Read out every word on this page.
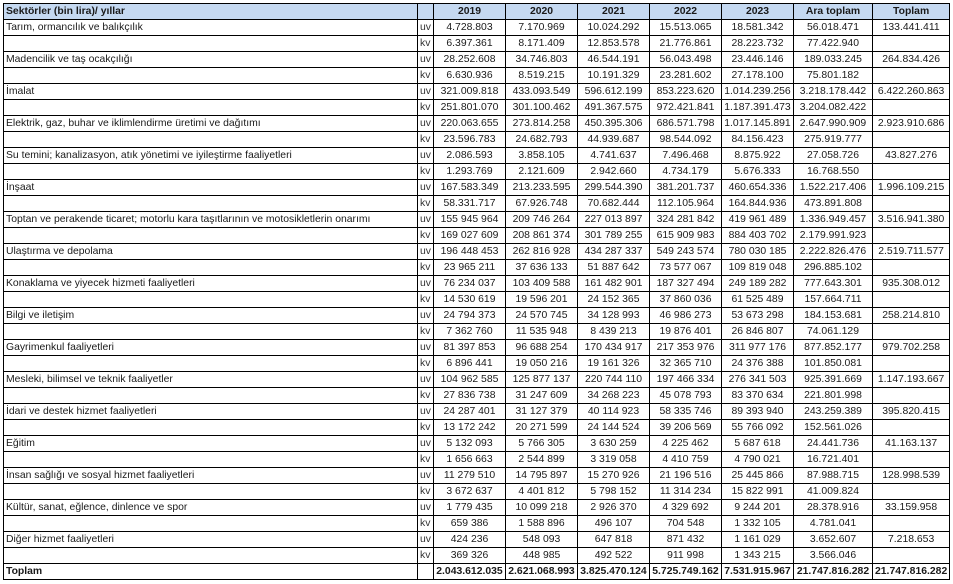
Sektörler (bin lira)/ yıllar		2019	2020	2021	2022	2023	Ara toplam	Toplam
Tarım, ormancılık ve balıkçılık	uv	4.728.803	7.170.969	10.024.292	15.513.065	18.581.342	56.018.471	133.441.411
	kv	6.397.361	8.171.409	12.853.578	21.776.861	28.223.732	77.422.940	
Madencilik ve taş ocakçılığı	uv	28.252.608	34.746.803	46.544.191	56.043.498	23.446.146	189.033.245	264.834.426
	kv	6.630.936	8.519.215	10.191.329	23.281.602	27.178.100	75.801.182	
İmalat	uv	321.009.818	433.093.549	596.612.199	853.223.620	1.014.239.256	3.218.178.442	6.422.260.863
	kv	251.801.070	301.100.462	491.367.575	972.421.841	1.187.391.473	3.204.082.422	
Elektrik, gaz, buhar ve iklimlendirme üretimi ve dağıtımı	uv	220.063.655	273.814.258	450.395.306	686.571.798	1.017.145.891	2.647.990.909	2.923.910.686
	kv	23.596.783	24.682.793	44.939.687	98.544.092	84.156.423	275.919.777	
Su temini; kanalizasyon, atık yönetimi ve iyileştirme faaliyetleri	uv	2.086.593	3.858.105	4.741.637	7.496.468	8.875.922	27.058.726	43.827.276
	kv	1.293.769	2.121.609	2.942.660	4.734.179	5.676.333	16.768.550	
İnşaat	uv	167.583.349	213.233.595	299.544.390	381.201.737	460.654.336	1.522.217.406	1.996.109.215
	kv	58.331.717	67.926.748	70.682.444	112.105.964	164.844.936	473.891.808	
Toptan ve perakende ticaret; motorlu kara taşıtlarının ve motosikletlerin onarımı	uv	155 945 964	209 746 264	227 013 897	324 281 842	419 961 489	1.336.949.457	3.516.941.380
	kv	169 027 609	208 861 374	301 789 255	615 909 983	884 403 702	2.179.991.923	
Ulaştırma ve depolama	uv	196 448 453	262 816 928	434 287 337	549 243 574	780 030 185	2.222.826.476	2.519.711.577
	kv	23 965 211	37 636 133	51 887 642	73 577 067	109 819 048	296.885.102	
Konaklama ve yiyecek hizmeti faaliyetleri	uv	76 234 037	103 409 588	161 482 901	187 327 494	249 189 282	777.643.301	935.308.012
	kv	14 530 619	19 596 201	24 152 365	37 860 036	61 525 489	157.664.711	
Bilgi ve iletişim	uv	24 794 373	24 570 745	34 128 993	46 986 273	53 673 298	184.153.681	258.214.810
	kv	7 362 760	11 535 948	8 439 213	19 876 401	26 846 807	74.061.129	
Gayrimenkul faaliyetleri	uv	81 397 853	96 688 254	170 434 917	217 353 976	311 977 176	877.852.177	979.702.258
	kv	6 896 441	19 050 216	19 161 326	32 365 710	24 376 388	101.850.081	
Mesleki, bilimsel ve teknik faaliyetler	uv	104 962 585	125 877 137	220 744 110	197 466 334	276 341 503	925.391.669	1.147.193.667
	kv	27 836 738	31 247 609	34 268 223	45 078 793	83 370 634	221.801.998	
İdari ve destek hizmet faaliyetleri	uv	24 287 401	31 127 379	40 114 923	58 335 746	89 393 940	243.259.389	395.820.415
	kv	13 172 242	20 271 599	24 144 524	39 206 569	55 766 092	152.561.026	
Eğitim	uv	5 132 093	5 766 305	3 630 259	4 225 462	5 687 618	24.441.736	41.163.137
	kv	1 656 663	2 544 899	3 319 058	4 410 759	4 790 021	16.721.401	
İnsan sağlığı ve sosyal hizmet faaliyetleri	uv	11 279 510	14 795 897	15 270 926	21 196 516	25 445 866	87.988.715	128.998.539
	kv	3 672 637	4 401 812	5 798 152	11 314 234	15 822 991	41.009.824	
Kültür, sanat, eğlence, dinlence ve spor	uv	1 779 435	10 099 218	2 926 370	4 329 692	9 244 201	28.378.916	33.159.958
	kv	659 386	1 588 896	496 107	704 548	1 332 105	4.781.041	
Diğer hizmet faaliyetleri	uv	424 236	548 093	647 818	871 432	1 161 029	3.652.607	7.218.653
	kv	369 326	448 985	492 522	911 998	1 343 215	3.566.046	
Toplam		2.043.612.035	2.621.068.993	3.825.470.124	5.725.749.162	7.531.915.967	21.747.816.282	21.747.816.282
